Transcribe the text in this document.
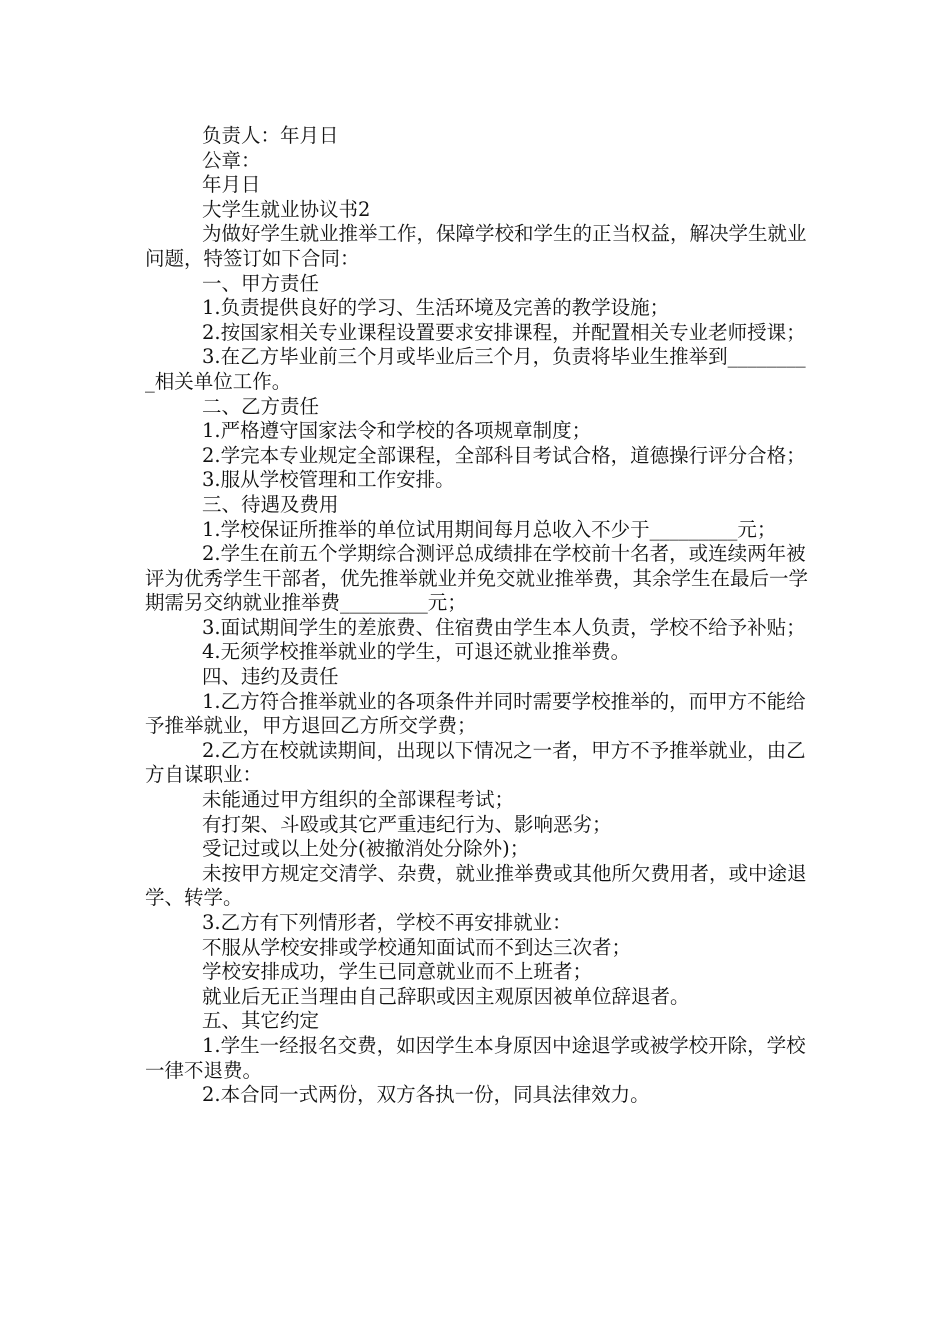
负责人：年月日

公章：

年月日

大学生就业协议书2

为做好学生就业推举工作，保障学校和学生的正当权益，解决学生就业问题，特签订如下合同：

一、甲方责任

1.负责提供良好的学习、生活环境及完善的教学设施；

2.按国家相关专业课程设置要求安排课程，并配置相关专业老师授课；

3.在乙方毕业前三个月或毕业后三个月，负责将毕业生推举到_________相关单位工作。

二、乙方责任

1.严格遵守国家法令和学校的各项规章制度；

2.学完本专业规定全部课程，全部科目考试合格，道德操行评分合格；

3.服从学校管理和工作安排。

三、待遇及费用

1.学校保证所推举的单位试用期间每月总收入不少于_________元；

2.学生在前五个学期综合测评总成绩排在学校前十名者，或连续两年被评为优秀学生干部者，优先推举就业并免交就业推举费，其余学生在最后一学期需另交纳就业推举费_________元；

3.面试期间学生的差旅费、住宿费由学生本人负责，学校不给予补贴；

4.无须学校推举就业的学生，可退还就业推举费。

四、违约及责任

1.乙方符合推举就业的各项条件并同时需要学校推举的，而甲方不能给予推举就业，甲方退回乙方所交学费；

2.乙方在校就读期间，出现以下情况之一者，甲方不予推举就业，由乙方自谋职业：

未能通过甲方组织的全部课程考试；

有打架、斗殴或其它严重违纪行为、影响恶劣；

受记过或以上处分(被撤消处分除外)；

未按甲方规定交清学、杂费，就业推举费或其他所欠费用者，或中途退学、转学。

3.乙方有下列情形者，学校不再安排就业：

不服从学校安排或学校通知面试而不到达三次者；

学校安排成功，学生已同意就业而不上班者；

就业后无正当理由自己辞职或因主观原因被单位辞退者。

五、其它约定

1.学生一经报名交费，如因学生本身原因中途退学或被学校开除，学校一律不退费。

2.本合同一式两份，双方各执一份，同具法律效力。
